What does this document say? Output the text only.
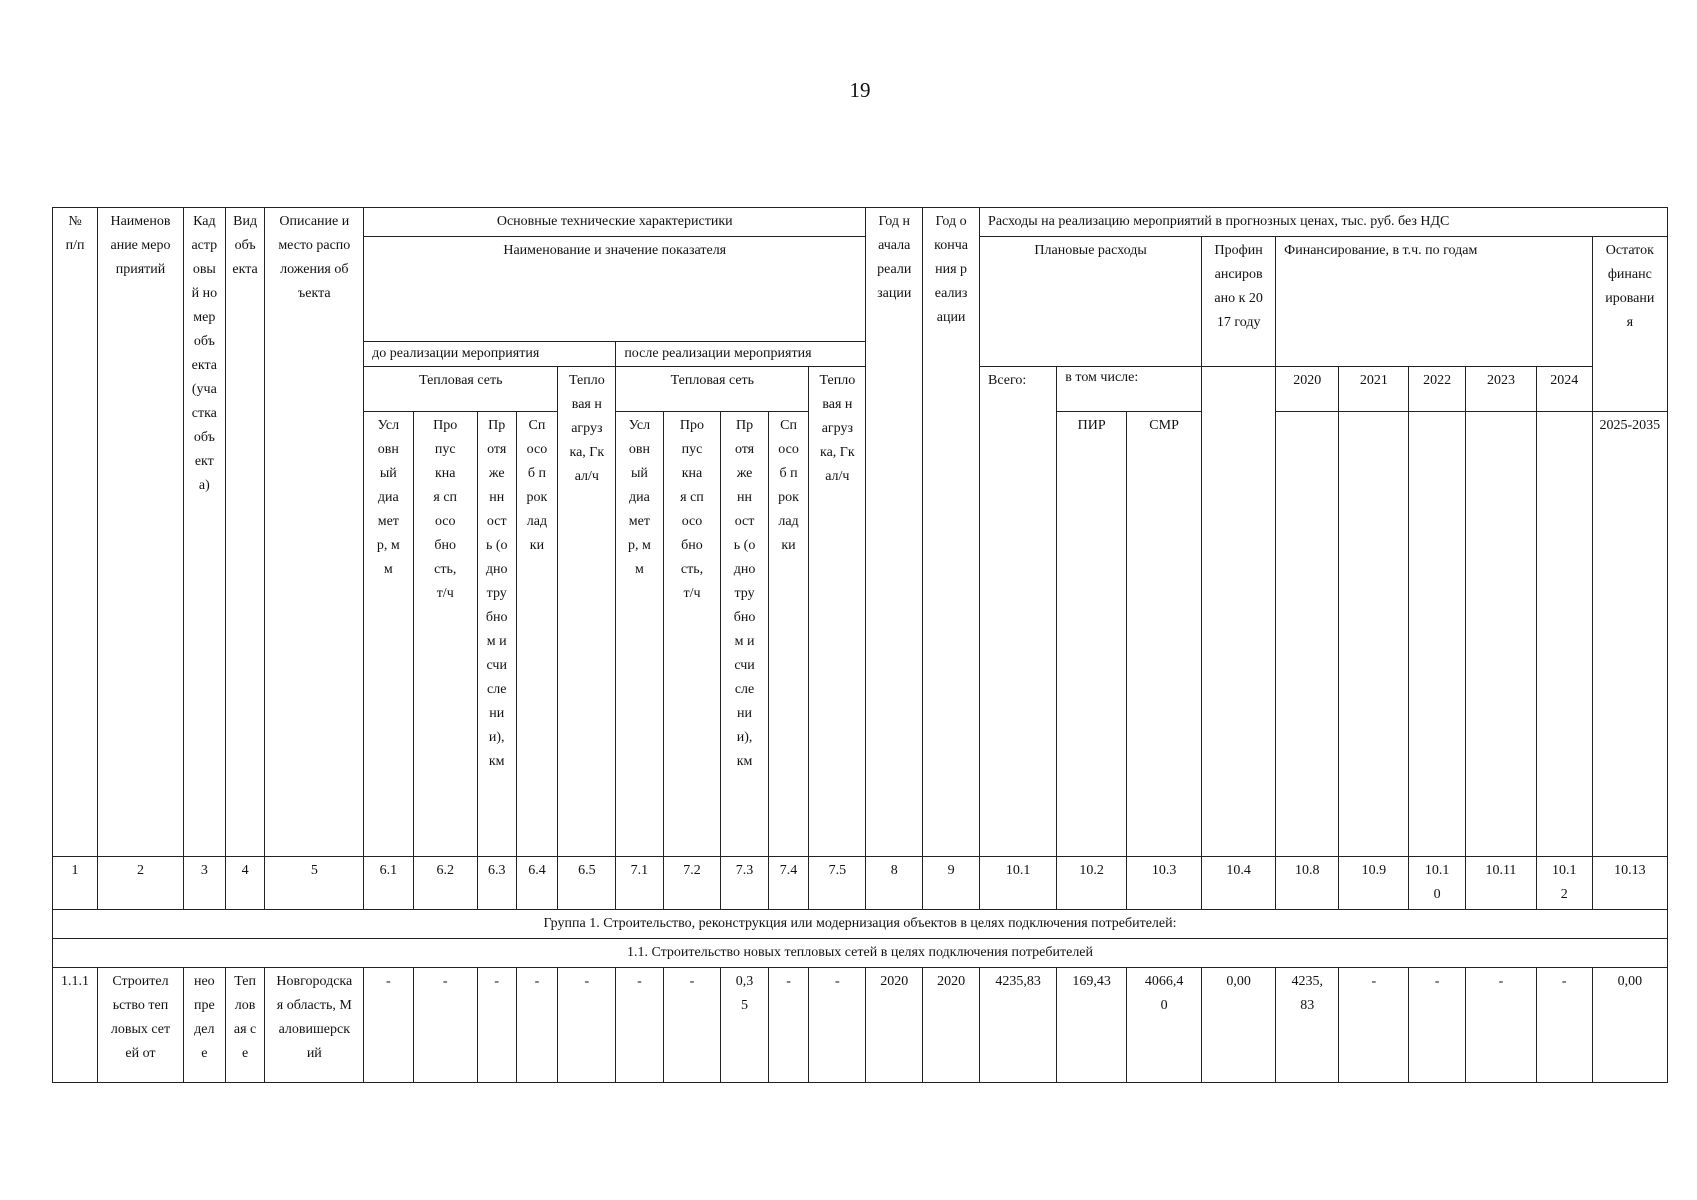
19
№ п/п	Наименование мероприятий	Кадастровый номер объекта (участка объекта)	Вид объекта	Описание и место расположения объекта	Основные технические характеристики										Год начала реализации	Год окончания реализации	Расходы на реализацию мероприятий в прогнозных ценах, тыс. руб. без НДС									
					Наименование и значение показателя												Плановые расходы			Профинансировано к 2017 году	Финансирование, в т.ч. по годам					Остаток финансирования

					до реализации мероприятия					после реализации мероприятия																
					Тепловая сеть				Тепловая нагрузка, Гкал/ч	Тепловая сеть				Тепловая нагрузка, Гкал/ч			Всего:	в том числе:			2020	2021	2022	2023	2024	

					Условный диаметр, мм	Пропускная способность, т/ч	Протяженность (однотрубном исчислении), км	Способ прокладки		Условный диаметр, мм	Пропускная способность, т/ч	Протяженность (однотрубном исчислении), км	Способ прокладки					ПИР	СМР							2025-2035
1	2	3	4	5	6.1	6.2	6.3	6.4	6.5	7.1	7.2	7.3	7.4	7.5	8	9	10.1	10.2	10.3	10.4	10.8	10.9	10.10	10.11	10.12	10.13
Группа 1. Строительство, реконструкция или модернизация объектов в целях подключения потребителей:																										
1.1. Строительство новых тепловых сетей в целях подключения потребителей																										
1.1.1	Строительство тепловых сетей от	неопределе	Тепловая се	Новгородская область, Маловишерский	-	-	-	-	-	-	-	0,35	-	-	2020	2020	4235,83	169,43	4066,40	0,00	4235,83	-	-	-	-	0,00
